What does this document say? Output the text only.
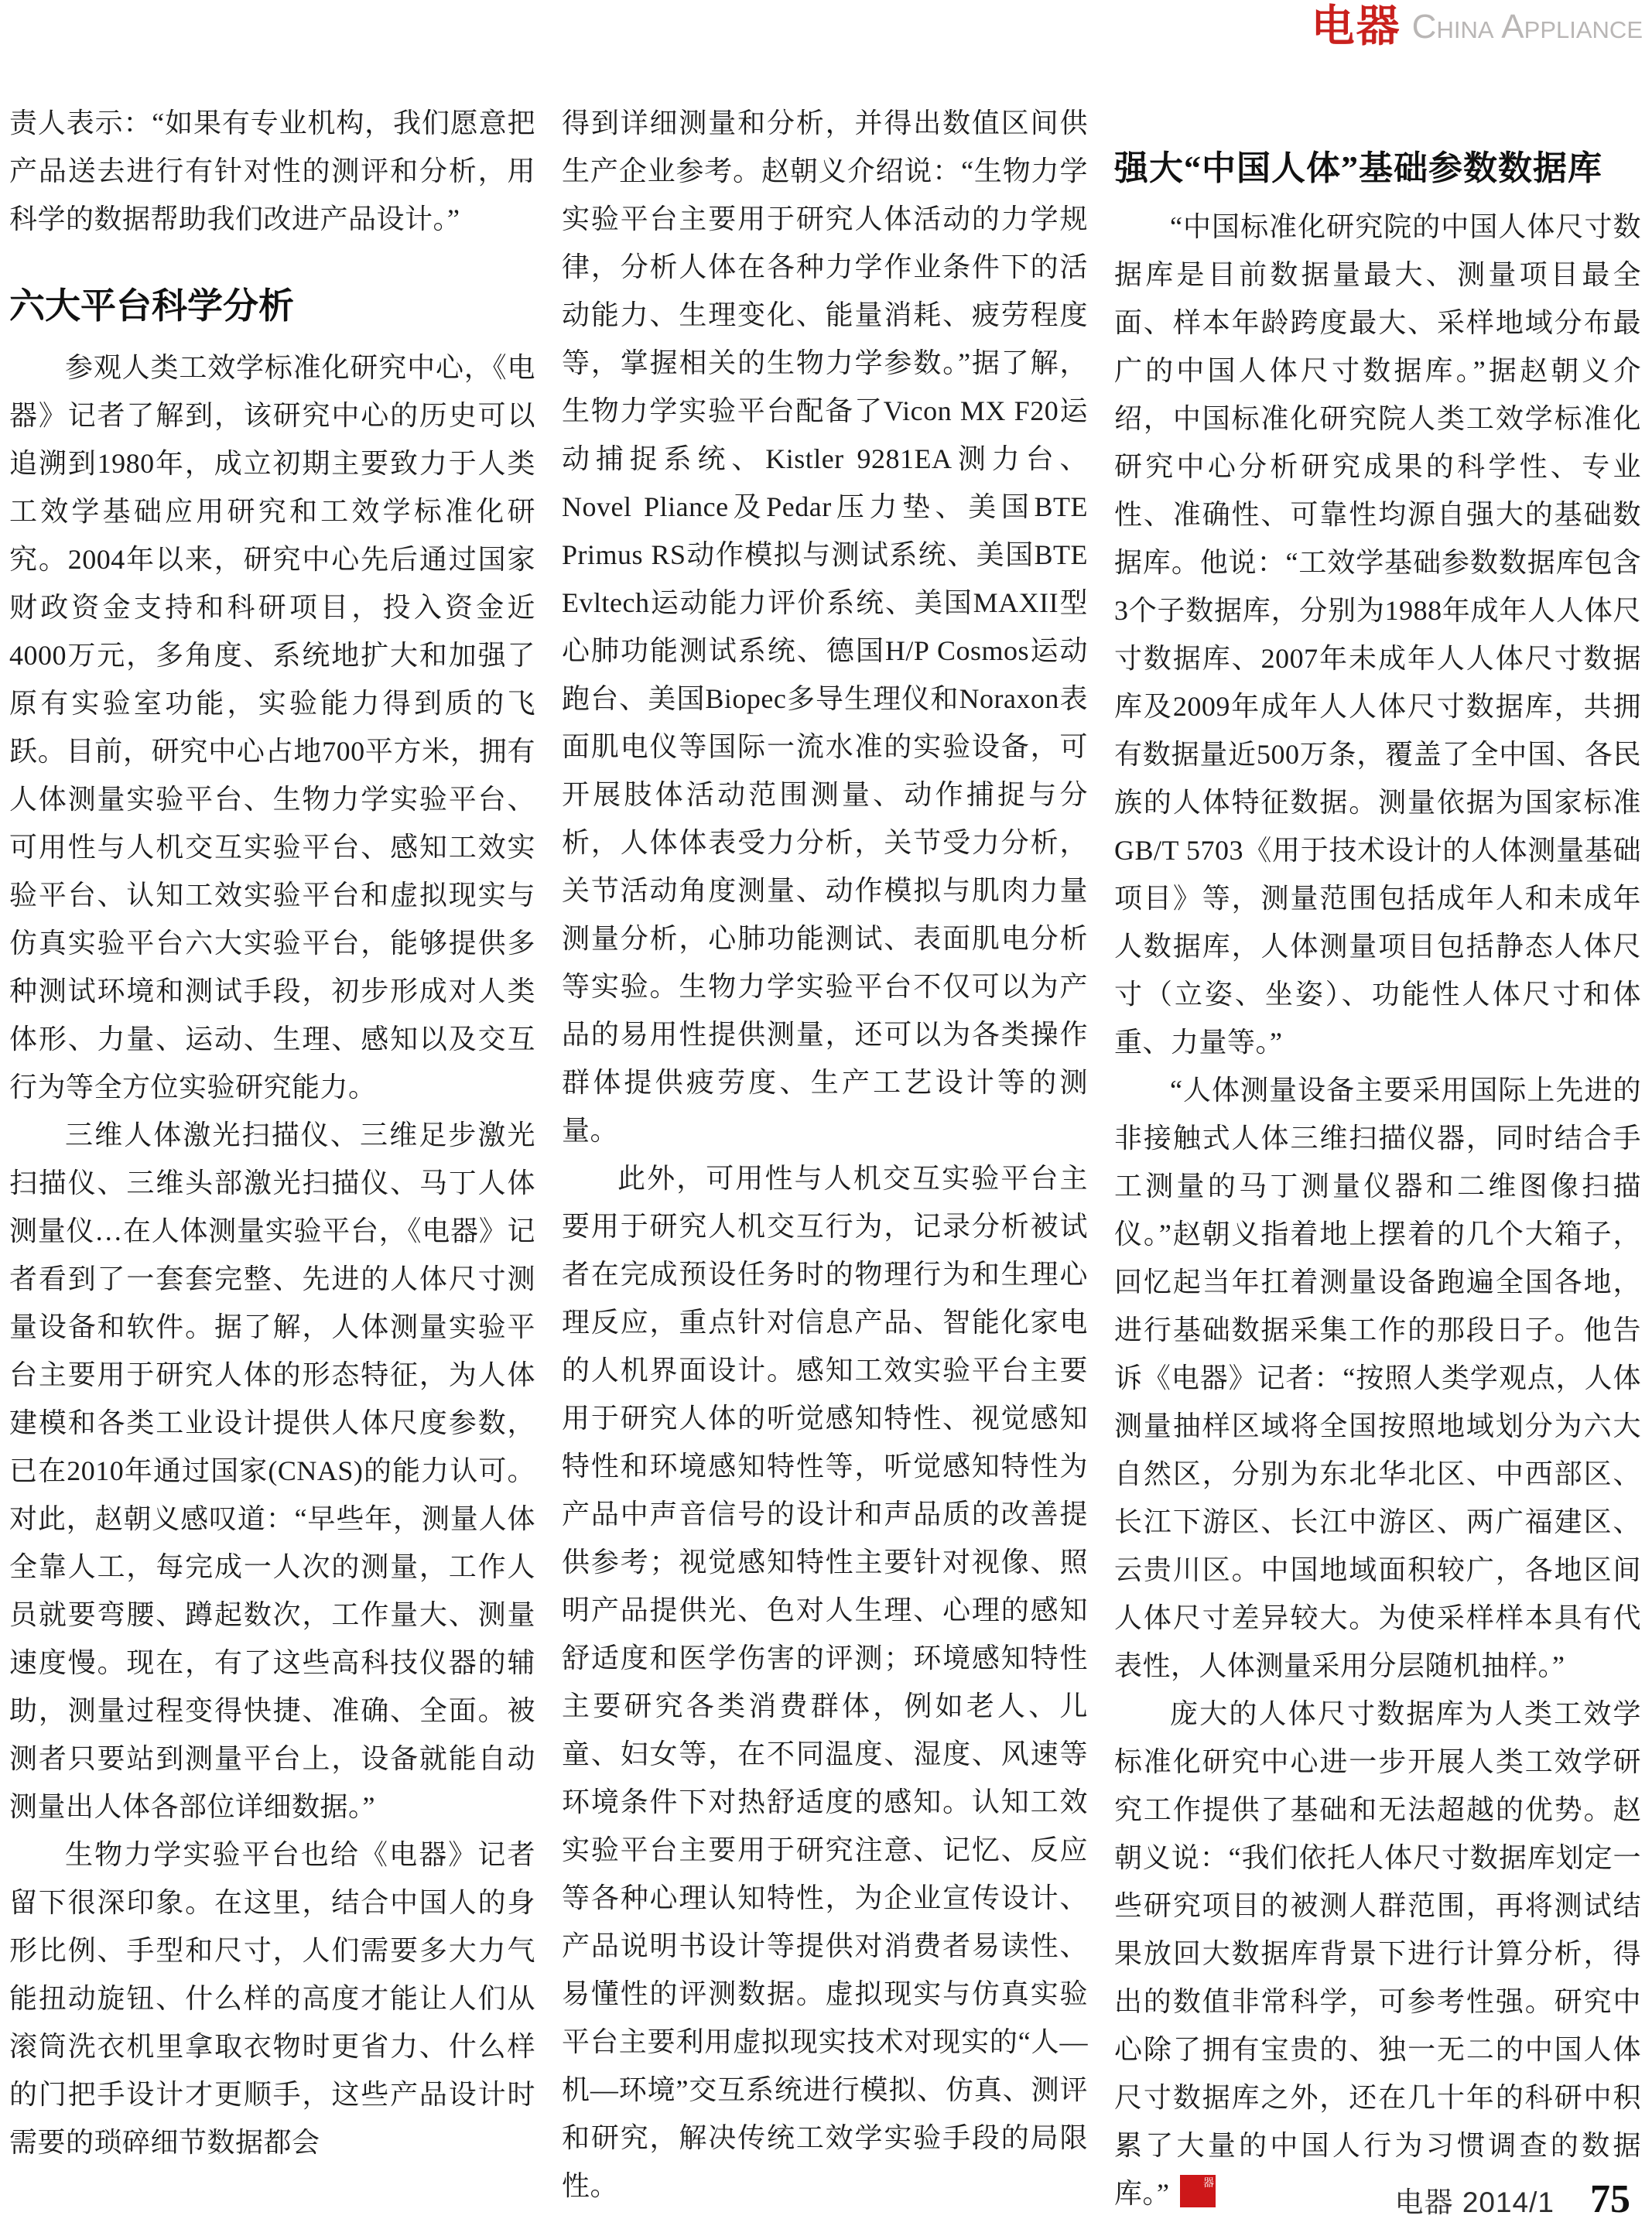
电器 China Appliance

责人表示：“如果有专业机构，我们愿意把产品送去进行有针对性的测评和分析，用科学的数据帮助我们改进产品设计。”

六大平台科学分析

参观人类工效学标准化研究中心，《电器》记者了解到，该研究中心的历史可以追溯到1980年，成立初期主要致力于人类工效学基础应用研究和工效学标准化研究。2004年以来，研究中心先后通过国家财政资金支持和科研项目，投入资金近4000万元，多角度、系统地扩大和加强了原有实验室功能，实验能力得到质的飞跃。目前，研究中心占地700平方米，拥有人体测量实验平台、生物力学实验平台、可用性与人机交互实验平台、感知工效实验平台、认知工效实验平台和虚拟现实与仿真实验平台六大实验平台，能够提供多种测试环境和测试手段，初步形成对人类体形、力量、运动、生理、感知以及交互行为等全方位实验研究能力。

三维人体激光扫描仪、三维足步激光扫描仪、三维头部激光扫描仪、马丁人体测量仪…在人体测量实验平台，《电器》记者看到了一套套完整、先进的人体尺寸测量设备和软件。据了解，人体测量实验平台主要用于研究人体的形态特征，为人体建模和各类工业设计提供人体尺度参数，已在2010年通过国家(CNAS)的能力认可。对此，赵朝义感叹道：“早些年，测量人体全靠人工，每完成一人次的测量，工作人员就要弯腰、蹲起数次，工作量大、测量速度慢。现在，有了这些高科技仪器的辅助，测量过程变得快捷、准确、全面。被测者只要站到测量平台上，设备就能自动测量出人体各部位详细数据。”

生物力学实验平台也给《电器》记者留下很深印象。在这里，结合中国人的身形比例、手型和尺寸，人们需要多大力气能扭动旋钮、什么样的高度才能让人们从滚筒洗衣机里拿取衣物时更省力、什么样的门把手设计才更顺手，这些产品设计时需要的琐碎细节数据都会

得到详细测量和分析，并得出数值区间供生产企业参考。赵朝义介绍说：“生物力学实验平台主要用于研究人体活动的力学规律，分析人体在各种力学作业条件下的活动能力、生理变化、能量消耗、疲劳程度等，掌握相关的生物力学参数。”据了解，生物力学实验平台配备了Vicon MX F20运动捕捉系统、Kistler 9281EA测力台、Novel Pliance及Pedar压力垫、美国BTE Primus RS动作模拟与测试系统、美国BTE Evltech运动能力评价系统、美国MAXII型心肺功能测试系统、德国H/P Cosmos运动跑台、美国Biopec多导生理仪和Noraxon表面肌电仪等国际一流水准的实验设备，可开展肢体活动范围测量、动作捕捉与分析，人体体表受力分析，关节受力分析，关节活动角度测量、动作模拟与肌肉力量测量分析，心肺功能测试、表面肌电分析等实验。生物力学实验平台不仅可以为产品的易用性提供测量，还可以为各类操作群体提供疲劳度、生产工艺设计等的测量。

此外，可用性与人机交互实验平台主要用于研究人机交互行为，记录分析被试者在完成预设任务时的物理行为和生理心理反应，重点针对信息产品、智能化家电的人机界面设计。感知工效实验平台主要用于研究人体的听觉感知特性、视觉感知特性和环境感知特性等，听觉感知特性为产品中声音信号的设计和声品质的改善提供参考；视觉感知特性主要针对视像、照明产品提供光、色对人生理、心理的感知舒适度和医学伤害的评测；环境感知特性主要研究各类消费群体，例如老人、儿童、妇女等，在不同温度、湿度、风速等环境条件下对热舒适度的感知。认知工效实验平台主要用于研究注意、记忆、反应等各种心理认知特性，为企业宣传设计、产品说明书设计等提供对消费者易读性、易懂性的评测数据。虚拟现实与仿真实验平台主要利用虚拟现实技术对现实的“人—机—环境”交互系统进行模拟、仿真、测评和研究，解决传统工效学实验手段的局限性。

强大“中国人体”基础参数数据库

“中国标准化研究院的中国人体尺寸数据库是目前数据量最大、测量项目最全面、样本年龄跨度最大、采样地域分布最广的中国人体尺寸数据库。”据赵朝义介绍，中国标准化研究院人类工效学标准化研究中心分析研究成果的科学性、专业性、准确性、可靠性均源自强大的基础数据库。他说：“工效学基础参数数据库包含3个子数据库，分别为1988年成年人人体尺寸数据库、2007年未成年人人体尺寸数据库及2009年成年人人体尺寸数据库，共拥有数据量近500万条，覆盖了全中国、各民族的人体特征数据。测量依据为国家标准GB/T 5703《用于技术设计的人体测量基础项目》等，测量范围包括成年人和未成年人数据库，人体测量项目包括静态人体尺寸（立姿、坐姿）、功能性人体尺寸和体重、力量等。”

“人体测量设备主要采用国际上先进的非接触式人体三维扫描仪器，同时结合手工测量的马丁测量仪器和二维图像扫描仪。”赵朝义指着地上摆着的几个大箱子，回忆起当年扛着测量设备跑遍全国各地，进行基础数据采集工作的那段日子。他告诉《电器》记者：“按照人类学观点，人体测量抽样区域将全国按照地域划分为六大自然区，分别为东北华北区、中西部区、长江下游区、长江中游区、两广福建区、云贵川区。中国地域面积较广，各地区间人体尺寸差异较大。为使采样样本具有代表性，人体测量采用分层随机抽样。”

庞大的人体尺寸数据库为人类工效学标准化研究中心进一步开展人类工效学研究工作提供了基础和无法超越的优势。赵朝义说：“我们依托人体尺寸数据库划定一些研究项目的被测人群范围，再将测试结果放回大数据库背景下进行计算分析，得出的数值非常科学，可参考性强。研究中心除了拥有宝贵的、独一无二的中国人体尺寸数据库之外，还在几十年的科研中积累了大量的中国人行为习惯调查的数据库。”	电
器

电器 2014/1 75
